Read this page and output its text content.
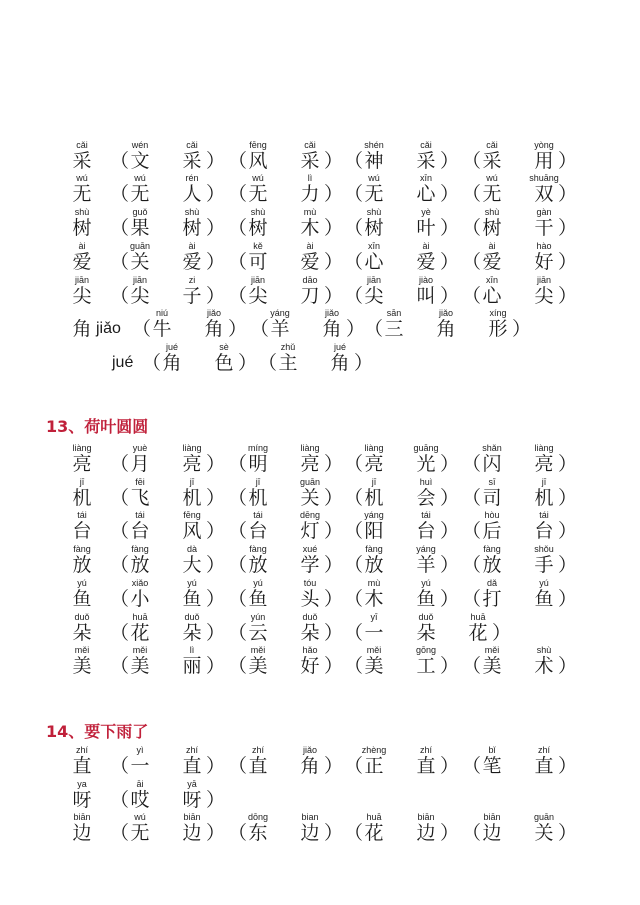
cǎi
采 （
wén
文
cǎi
采 ） （
fēng
风
cǎi
采 ） （
shén
神
cǎi
采 ） （
cǎi
采
yòng
用 ）
wú
无 （
wú
无
rén
人 ） （
wú
无
lì
力 ） （
wú
无
xīn
心 ） （
wú
无
shuāng
双 ）
shù
树 （
guǒ
果
shù
树 ） （
shù
树
mù
木 ） （
shù
树
yè
叶 ） （
shù
树
gàn
干 ）
ài
爱 （
guān
关
ài
爱 ） （
kě
可
ài
爱 ） （
xīn
心
ài
爱 ） （
ài
爱
hào
好 ）
jiān
尖 （
jiān
尖
zi
子 ） （
jiān
尖
dāo
刀 ） （
jiān
尖
jiào
叫 ） （
xīn
心
jiān
尖 ）
角 jiǎo （
niú
牛
jiǎo
角 ） （
yáng
羊
jiǎo
角 ）
（
sān
三
jiǎo
角
xíng
形 ）
jué （
jué
角
sè
色 ） （
zhǔ
主
jué
角 ）
13、荷叶圆圆
liàng
亮 （
yuè
月
liàng
亮 ） （
míng
明
liàng
亮 ） （
liàng
亮
guāng
光 ） （
shǎn
闪
liàng
亮 ）
jī
机 （
fēi
飞
jī
机 ） （
jī
机
guān
关 ） （
jī
机
huì
会 ） （
sī
司
jī
机 ）
tái
台 （
tái
台
fēng
风 ） （
tái
台
dēng
灯 ） （
yáng
阳
tái
台 ） （
hòu
后
tái
台 ）
fàng
放 （
fàng
放
dà
大 ） （
fàng
放
xué
学 ） （
fàng
放
yáng
羊 ） （
fàng
放
shǒu
手 ）
yú
鱼 （
xiǎo
小
yú
鱼 ） （
yú
鱼
tóu
头 ） （
mù
木
yú
鱼 ） （
dǎ
打
yú
鱼 ）
duǒ
朵 （
huā
花
duǒ
朵 ） （
yún
云
duǒ
朵 ） （
yī
一
duǒ
朵
huā
花 ）
měi
美 （
měi
美
lì
丽 ） （
měi
美
hǎo
好 ） （
měi
美
gōng
工 ） （
měi
美
shù
术 ）
14、要下雨了
zhí
直 （
yì
一
zhí
直 ） （
zhí
直
jiǎo
角 ） （
zhèng
正
zhí
直 ） （
bǐ
笔
zhí
直 ）
ya
呀 （
āi
哎
yā
呀 ）
biān
边 （
wú
无
biān
边 ） （
dōng
东
bian
边 ） （
huā
花
biān
边 ） （
biān
边
guān
关 ）
